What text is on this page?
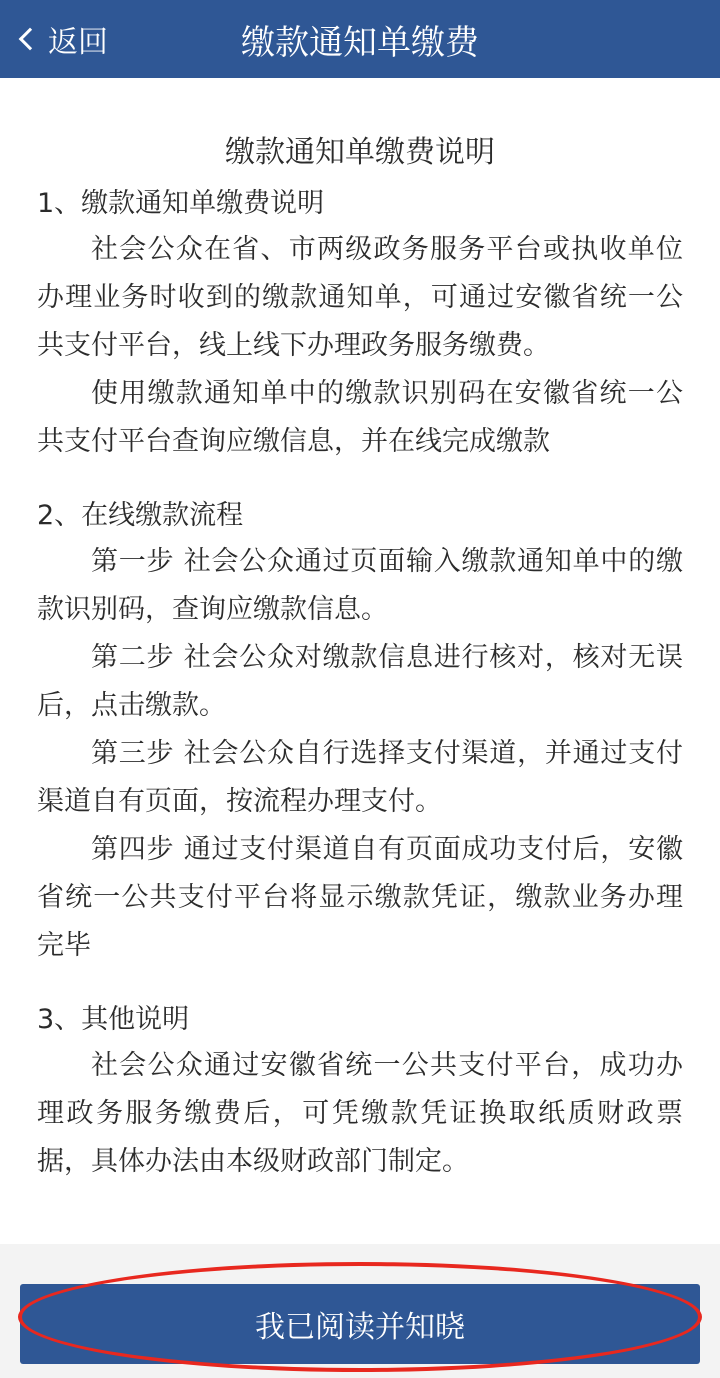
返回	缴款通知单缴费
缴款通知单缴费说明
1、缴款通知单缴费说明

社会公众在省、市两级政务服务平台或执收单位办理业务时收到的缴款通知单，可通过安徽省统一公共支付平台，线上线下办理政务服务缴费。

使用缴款通知单中的缴款识别码在安徽省统一公共支付平台查询应缴信息，并在线完成缴款

2、在线缴款流程

第一步 社会公众通过页面输入缴款通知单中的缴款识别码，查询应缴款信息。

第二步 社会公众对缴款信息进行核对，核对无误后，点击缴款。

第三步 社会公众自行选择支付渠道，并通过支付渠道自有页面，按流程办理支付。

第四步 通过支付渠道自有页面成功支付后，安徽省统一公共支付平台将显示缴款凭证，缴款业务办理完毕

3、其他说明

社会公众通过安徽省统一公共支付平台，成功办理政务服务缴费后，可凭缴款凭证换取纸质财政票据，具体办法由本级财政部门制定。

我已阅读并知晓
